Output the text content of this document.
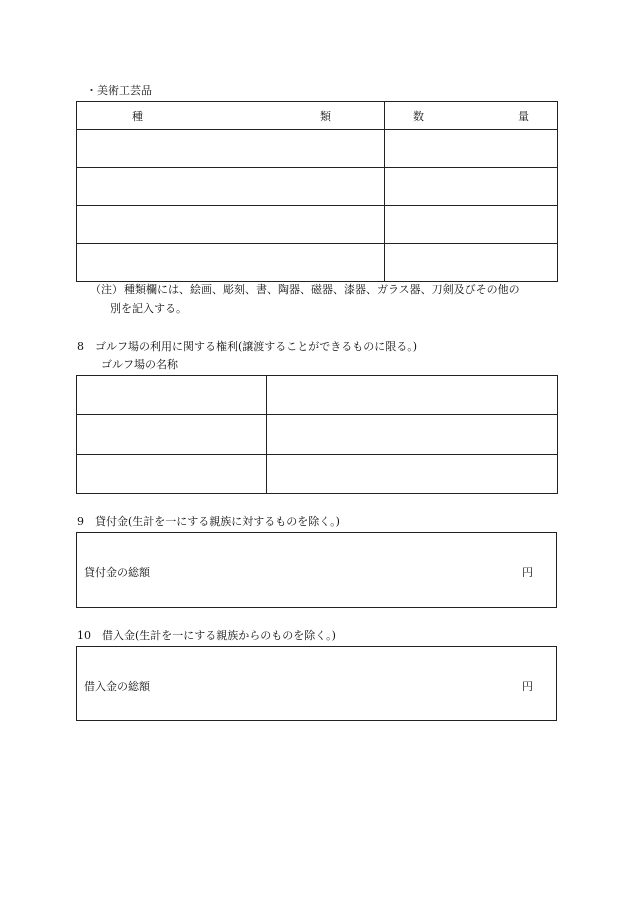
・美術工芸品
種 類	数 量

（注） 種類欄には、絵画、彫刻、書、陶器、磁器、漆器、ガラス器、刀剣及びその他の
別を記入する。
8　ゴルフ場の利用に関する権利(譲渡することができるものに限る。)
ゴルフ場の名称

9　貸付金(生計を一にする親族に対するものを除く。)
貸付金の総額	円
10　借入金(生計を一にする親族からのものを除く。)
借入金の総額	円
